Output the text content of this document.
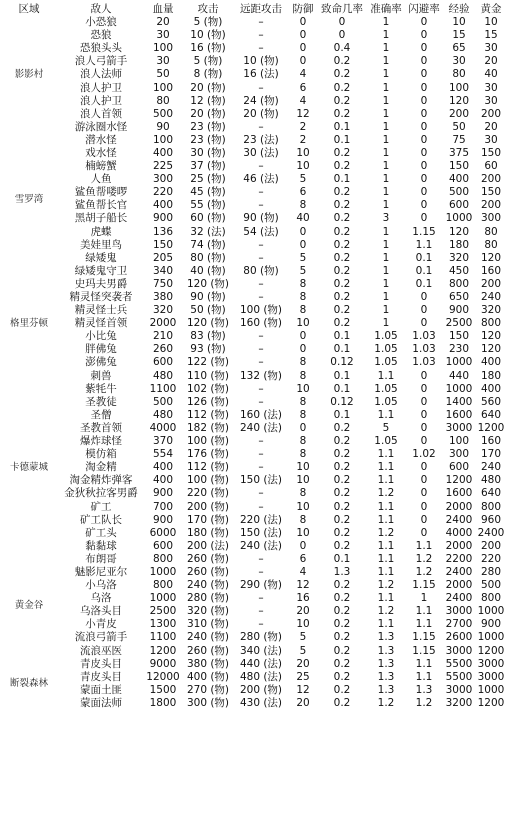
区域	敌人	血量	攻击	远距攻击	防御	致命几率	准确率	闪避率	经验	黄金
影影村	小恐狼	20	5 (物)	–	0	0	1	0	10	10
	恐狼	30	10 (物)	–	0	0	1	0	15	15
	恐狼头头	100	16 (物)	–	0	0.4	1	0	65	30
	浪人弓箭手	30	5 (物)	10 (物)	0	0.2	1	0	30	20
	浪人法师	50	8 (物)	16 (法)	4	0.2	1	0	80	40
	浪人护卫	100	20 (物)	–	6	0.2	1	0	100	30
	浪人护卫	80	12 (物)	24 (物)	4	0.2	1	0	120	30
	浪人首领	500	20 (物)	20 (物)	12	0.2	1	0	200	200
	游泳圈水怪	90	23 (物)	–	2	0.1	1	0	50	20
雪罗湾	潜水怪	100	23 (物)	23 (法)	2	0.1	1	0	75	30
	戏水怪	400	30 (物)	30 (法)	10	0.2	1	0	375	150
	楠螃蟹	225	37 (物)	–	10	0.2	1	0	150	60
	人鱼	300	25 (物)	46 (法)	5	0.1	1	0	400	200
	鲨鱼帮喽啰	220	45 (物)	–	6	0.2	1	0	500	150
	鲨鱼帮长官	400	55 (物)	–	8	0.2	1	0	600	200
	黑胡子船长	900	60 (物)	90 (物)	40	0.2	3	0	1000	300
	虎蝶	136	32 (法)	54 (法)	0	0.2	1	1.15	120	80
	美娃里鸟	150	74 (物)	–	0	0.2	1	1.1	180	80
	绿矮鬼	205	80 (物)	–	5	0.2	1	0.1	320	120
格里芬顿	绿矮鬼守卫	340	40 (物)	80 (物)	5	0.2	1	0.1	450	160
	史玛夫男爵	750	120 (物)	–	8	0.2	1	0.1	800	200
	精灵怪突袭者	380	90 (物)	–	8	0.2	1	0	650	240
	精灵怪士兵	320	50 (物)	100 (物)	8	0.2	1	0	900	320
	精灵怪首领	2000	120 (物)	160 (物)	10	0.2	1	0	2500	800
	小比兔	210	83 (物)	–	0	0.1	1.05	1.03	150	120
	胖佛兔	260	93 (物)	–	0	0.1	1.05	1.03	230	120
	澎佛兔	600	122 (物)	–	8	0.12	1.05	1.03	1000	400
	刺兽	480	110 (物)	132 (物)	8	0.1	1.1	0	440	180
卡德蒙城	紫牦牛	1100	102 (物)	–	10	0.1	1.05	0	1000	400
	圣教徒	500	126 (物)	–	8	0.12	1.05	0	1400	560
	圣僧	480	112 (物)	160 (法)	8	0.1	1.1	0	1600	640
	圣教首领	4000	182 (物)	240 (法)	0	0.2	5	0	3000	1200
	爆炸球怪	370	100 (物)	–	8	0.2	1.05	0	100	160
	模仿箱	554	176 (物)	–	8	0.2	1.1	1.02	300	170
	淘金精	400	112 (物)	–	10	0.2	1.1	0	600	240
	淘金精炸弹客	400	100 (物)	150 (法)	10	0.2	1.1	0	1200	480
	金狄秋拉客男爵	900	220 (物)	–	8	0.2	1.2	0	1600	640
	矿工	700	200 (物)	–	10	0.2	1.1	0	2000	800
	矿工队长	900	170 (物)	220 (法)	8	0.2	1.1	0	2400	960
	矿工头	6000	180 (物)	150 (法)	10	0.2	1.2	0	4000	2400
	黏黏球	600	200 (法)	240 (法)	0	0.2	1.1	1.1	2000	200
黄金谷	布朗哥	800	260 (物)	–	6	0.1	1.1	1.2	2200	220
	魅影尼亚尔	1000	260 (物)	–	4	1.3	1.1	1.2	2400	280
	小乌洛	800	240 (物)	290 (物)	12	0.2	1.2	1.15	2000	500
	乌洛	1000	280 (物)	–	16	0.2	1.1	1	2400	800
	乌洛头目	2500	320 (物)	–	20	0.2	1.2	1.1	3000	1000
	小青皮	1300	310 (物)	–	10	0.2	1.1	1.1	2700	900
	流浪弓箭手	1100	240 (物)	280 (物)	5	0.2	1.3	1.15	2600	1000
	流浪巫医	1200	260 (物)	340 (法)	5	0.2	1.3	1.15	3000	1200
断裂森林	青皮头目	9000	380 (物)	440 (法)	20	0.2	1.3	1.1	5500	3000
	青皮头目	12000	400 (物)	480 (法)	25	0.2	1.3	1.1	5500	3000
	蒙面土匪	1500	270 (物)	200 (物)	12	0.2	1.3	1.3	3000	1000
	蒙面法师	1800	300 (物)	430 (法)	20	0.2	1.2	1.2	3200	1200
